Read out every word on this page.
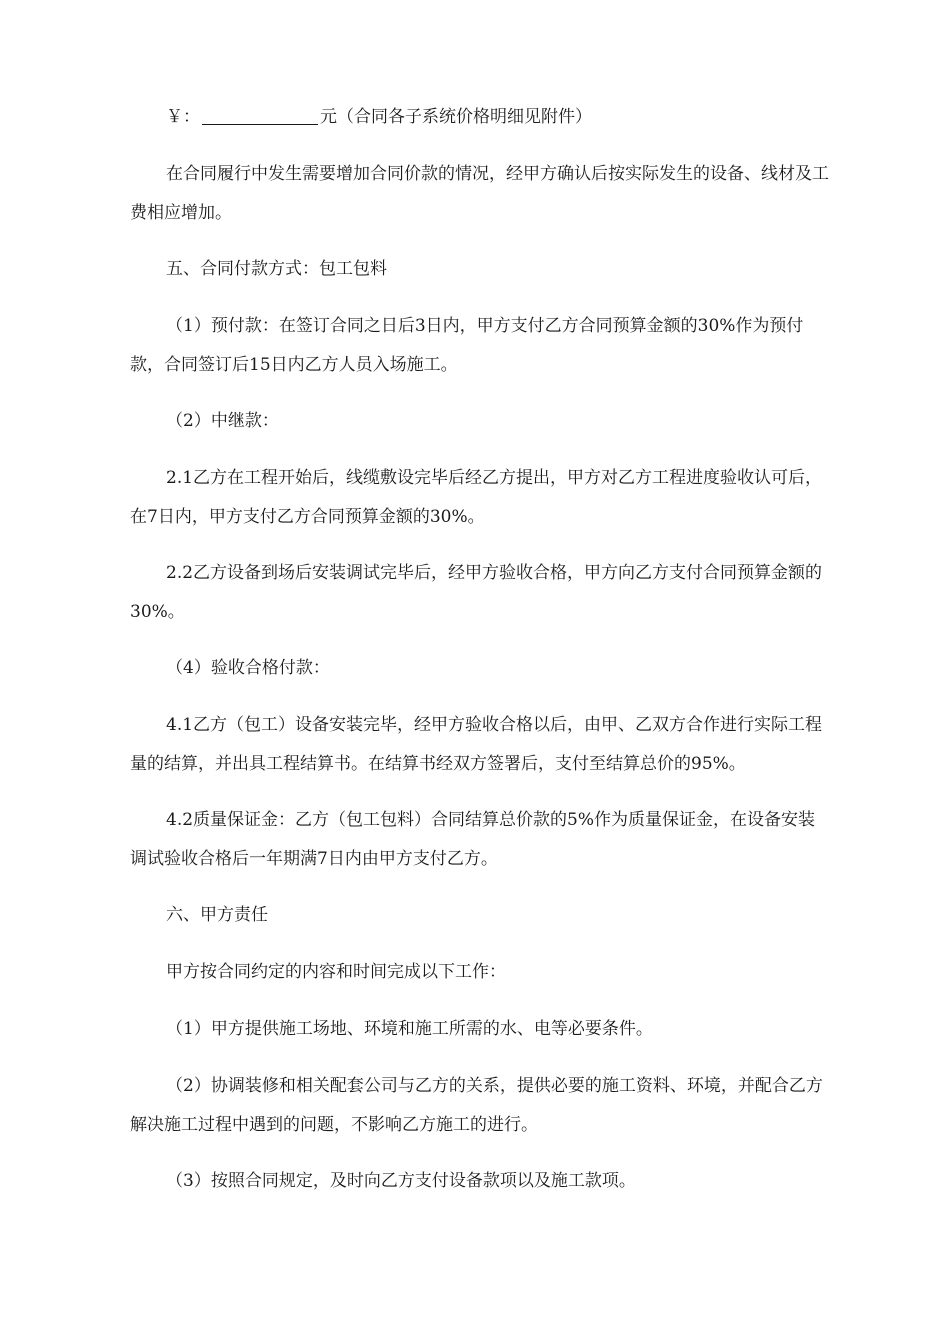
￥：	元（合同各子系统价格明细见附件）

在合同履行中发生需要增加合同价款的情况，经甲方确认后按实际发生的设备、线材及工费相应增加。

五、合同付款方式：包工包料

（1）预付款：在签订合同之日后3日内，甲方支付乙方合同预算金额的30%作为预付款，合同签订后15日内乙方人员入场施工。

（2）中继款：

2.1乙方在工程开始后，线缆敷设完毕后经乙方提出，甲方对乙方工程进度验收认可后，在7日内，甲方支付乙方合同预算金额的30%。

2.2乙方设备到场后安装调试完毕后，经甲方验收合格，甲方向乙方支付合同预算金额的30%。

（4）验收合格付款：

4.1乙方（包工）设备安装完毕，经甲方验收合格以后，由甲、乙双方合作进行实际工程量的结算，并出具工程结算书。在结算书经双方签署后，支付至结算总价的95%。

4.2质量保证金：乙方（包工包料）合同结算总价款的5%作为质量保证金，在设备安装调试验收合格后一年期满7日内由甲方支付乙方。

六、甲方责任

甲方按合同约定的内容和时间完成以下工作：

（1）甲方提供施工场地、环境和施工所需的水、电等必要条件。

（2）协调装修和相关配套公司与乙方的关系，提供必要的施工资料、环境，并配合乙方解决施工过程中遇到的问题，不影响乙方施工的进行。

（3）按照合同规定，及时向乙方支付设备款项以及施工款项。
